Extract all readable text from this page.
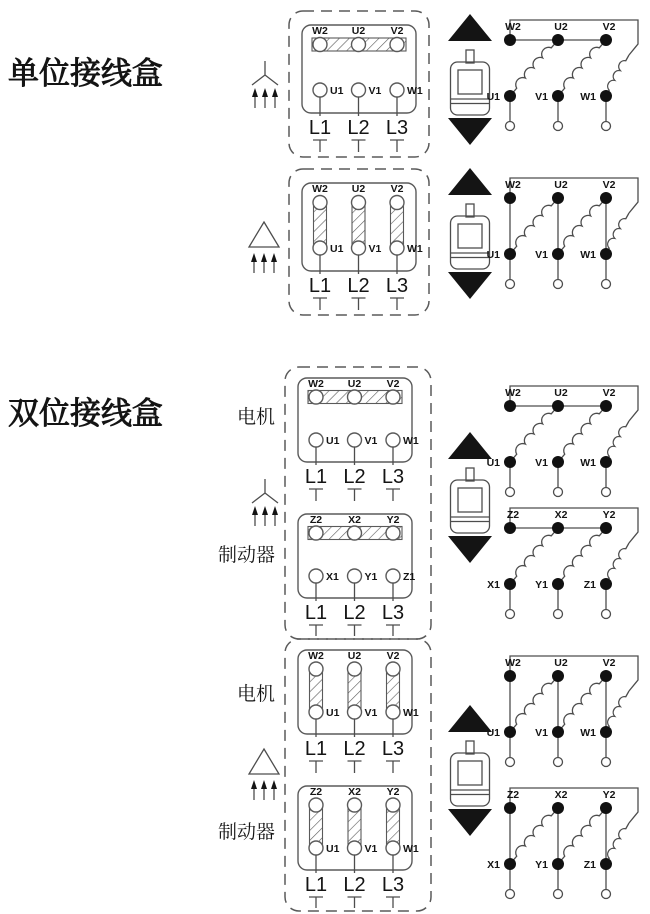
单位接线盒
双位接线盒	电机
制动器
电机
制动器
W2 U2 V2
U1 V1 W1
L1 L2 L3
W2	U2	V2
U1	V1	W1
W2 U2 V2
U1 V1 W1
L1 L2 L3
W2	U2	V2
U1	V1	W1
W2 U2 V2
U1 V1 W1
L1 L2 L3
Z2 X2 Y2
X1 Y1 Z1
L1 L2 L3
W2	U2	V2
U1	V1	W1
Z2	X2	Y2
X1	Y1	Z1
W2 U2 V2
U1 V1 W1
L1 L2 L3
Z2 X2 Y2
U1 V1 W1
L1 L2 L3
W2	U2	V2
U1	V1	W1
Z2	X2	Y2
X1	Y1	Z1
